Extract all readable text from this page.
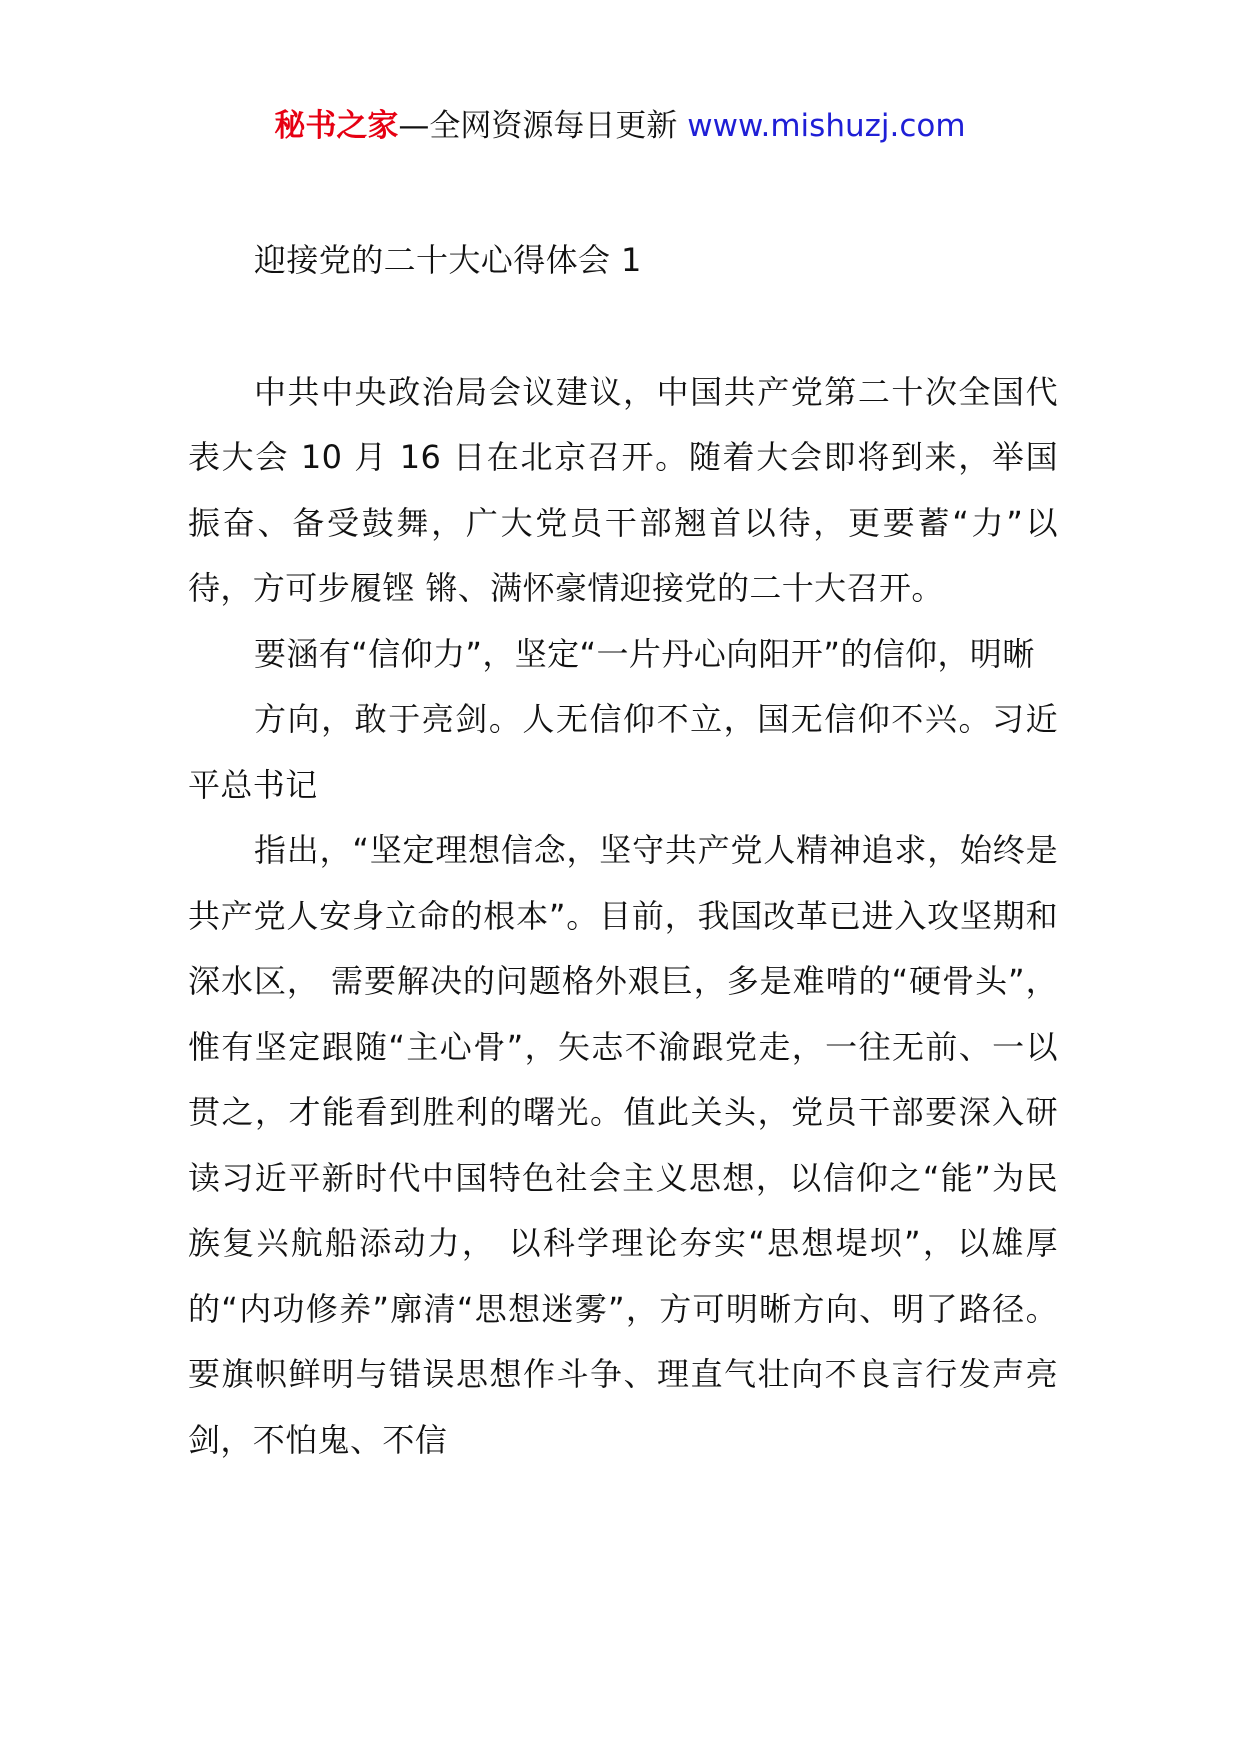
秘书之家—全网资源每日更新 www.mishuzj.com
迎接党的二十大心得体会 1

中共中央政治局会议建议，中国共产党第二十次全国代表大会 10 月 16 日在北京召开。随着大会即将到来，举国振奋、备受鼓舞，广大党员干部翘首以待，更要蓄“力”以待，方可步履铿 锵、满怀豪情迎接党的二十大召开。

要涵有“信仰力”，坚定“一片丹心向阳开”的信仰，明晰

方向，敢于亮剑。人无信仰不立，国无信仰不兴。习近平总书记

指出，“坚定理想信念，坚守共产党人精神追求，始终是共产党人安身立命的根本”。目前，我国改革已进入攻坚期和深水区， 需要解决的问题格外艰巨，多是难啃的“硬骨头”，惟有坚定跟随“主心骨”，矢志不渝跟党走，一往无前、一以贯之，才能看到胜利的曙光。值此关头，党员干部要深入研读习近平新时代中国特色社会主义思想，以信仰之“能”为民族复兴航船添动力， 以科学理论夯实“思想堤坝”，以雄厚的“内功修养”廓清“思想迷雾”，方可明晰方向、明了路径。要旗帜鲜明与错误思想作斗争、理直气壮向不良言行发声亮剑，不怕鬼、不信
